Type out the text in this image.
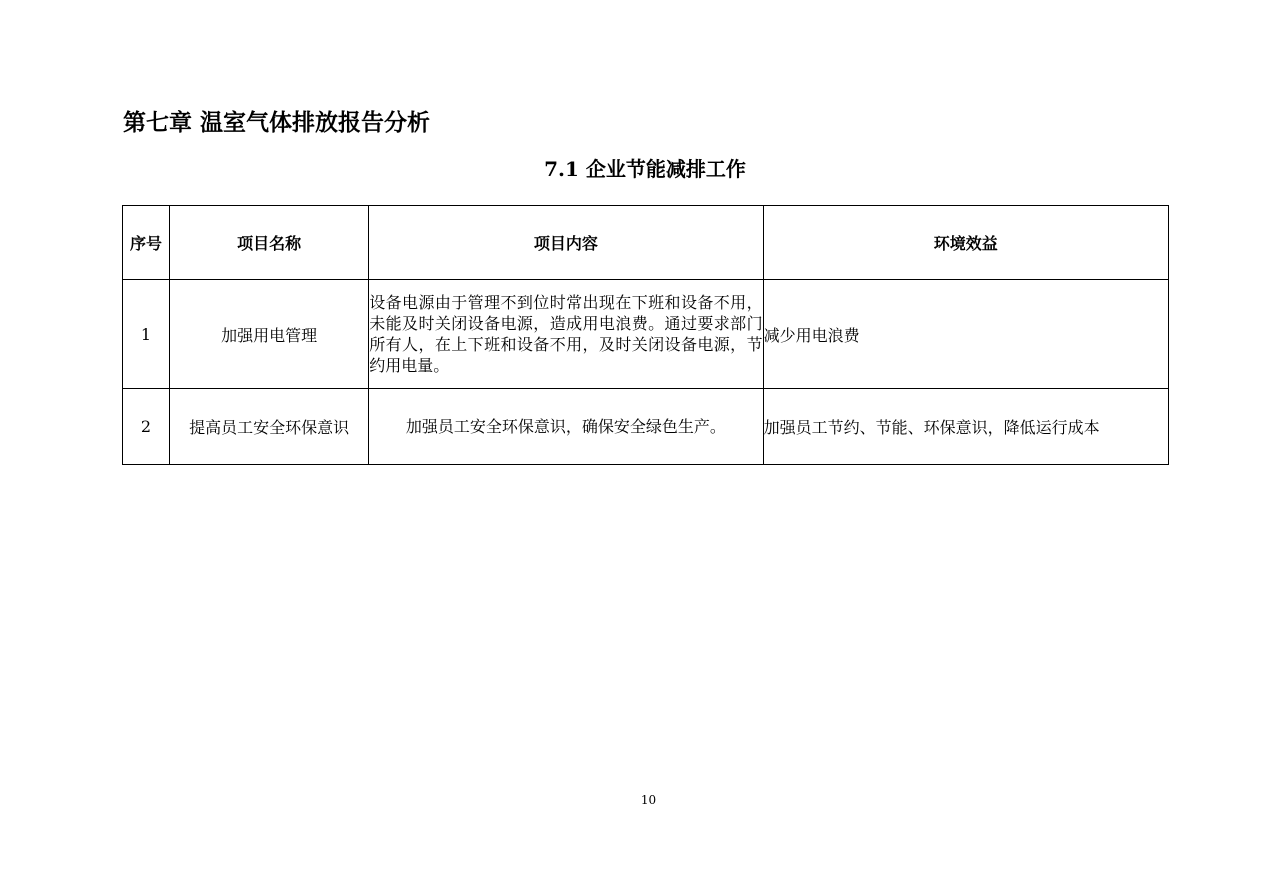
第七章 温室气体排放报告分析
7.1 企业节能减排工作
序号	项目名称	项目内容	环境效益
1	加强用电管理	设备电源由于管理不到位时常出现在下班和设备不用，未能及时关闭设备电源，造成用电浪费。通过要求部门所有人，在上下班和设备不用，及时关闭设备电源，节约用电量。	减少用电浪费
2	提高员工安全环保意识	加强员工安全环保意识，确保安全绿色生产。	加强员工节约、节能、环保意识，降低运行成本

10
